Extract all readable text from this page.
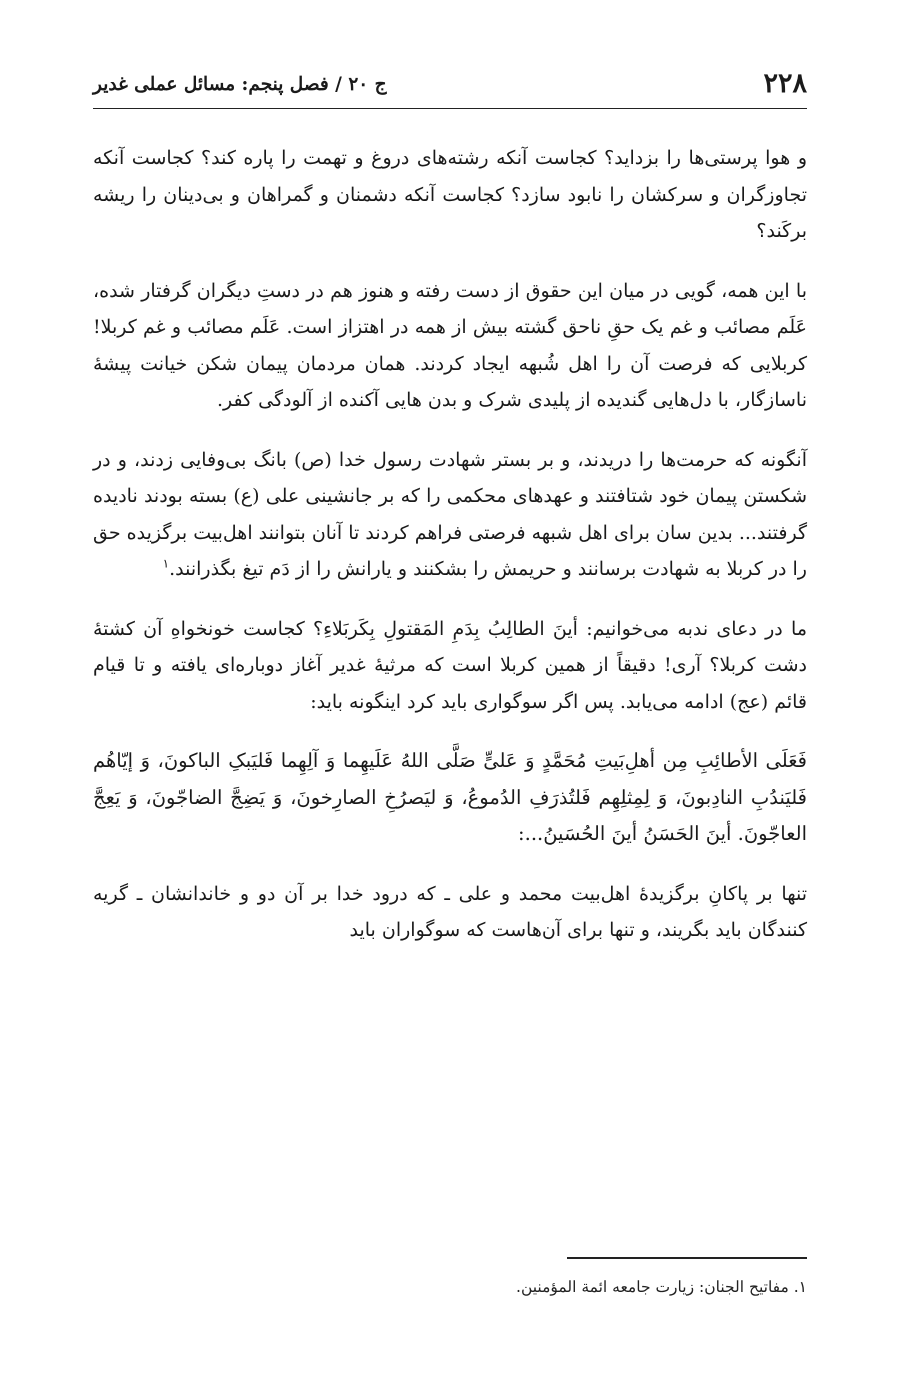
۲۲۸
ج ۲۰ / فصل پنجم: مسائل عملی غدیر

و هوا پرستی‌ها را بزداید؟ کجاست آنکه رشته‌های دروغ و تهمت را پاره کند؟ کجاست آنکه تجاوزگران و سرکشان را نابود سازد؟ کجاست آنکه دشمنان و گمراهان و بی‌دینان را ریشه برکَند؟

با این همه، گویی در میان این حقوق از دست رفته و هنوز هم در دستِ دیگران گرفتار شده، عَلَم مصائب و غم یک حقِ ناحق گشته بیش از همه در اهتزاز است. عَلَم مصائب و غم کربلا! کربلایی که فرصت آن را اهل شُبهه ایجاد کردند. همان مردمان پیمان شکن خیانت پیشهٔ ناسازگار، با دل‌هایی گندیده از پلیدی شرک و بدن هایی آکنده از آلودگی کفر.

آنگونه که حرمت‌ها را دریدند، و بر بستر شهادت رسول خدا (ص) بانگ بی‌وفایی زدند، و در شکستن پیمان خود شتافتند و عهدهای محکمی را که بر جانشینی علی (ع) بسته بودند نادیده گرفتند... بدین سان برای اهل شبهه فرصتی فراهم کردند تا آنان بتوانند اهل‌بیت برگزیده حق را در کربلا به شهادت برسانند و حریمش را بشکنند و یارانش را از دَم تیغ بگذرانند.$^۱$

ما در دعای ندبه می‌خوانیم: أینَ الطالِبُ بِدَمِ المَقتولِ بِکَربَلاءِ؟ کجاست خونخواهِ آن کشتهٔ دشت کربلا؟ آری! دقیقاً از همین کربلا است که مرثیهٔ غدیر آغاز دوباره‌ای یافته و تا قیام قائم (عج) ادامه می‌یابد. پس اگر سوگواری باید کرد اینگونه باید:

فَعَلَی الأطائِبِ مِن أهلِ‌بَیتِ مُحَمَّدٍ وَ عَلیٍّ صَلَّی اللهُ عَلَیهِما وَ آلِهِما فَلیَبکِ الباکونَ، وَ إیّاهُم فَلیَندُبِ النادِبونَ، وَ لِمِثلِهِم فَلتُذرَفِ الدُموعُ، وَ لیَصرُخِ الصارِخونَ، وَ یَضِجَّ الضاجّونَ، وَ یَعِجَّ العاجّونَ. أینَ الحَسَنُ أینَ الحُسَینُ...:

تنها بر پاکانِ برگزیدهٔ اهل‌بیت محمد و علی ـ که درود خدا بر آن دو و خاندانشان ـ گریه کنندگان باید بگریند، و تنها برای آن‌هاست که سوگواران باید

۱. مفاتیح الجنان: زیارت جامعه ائمة المؤمنین.
